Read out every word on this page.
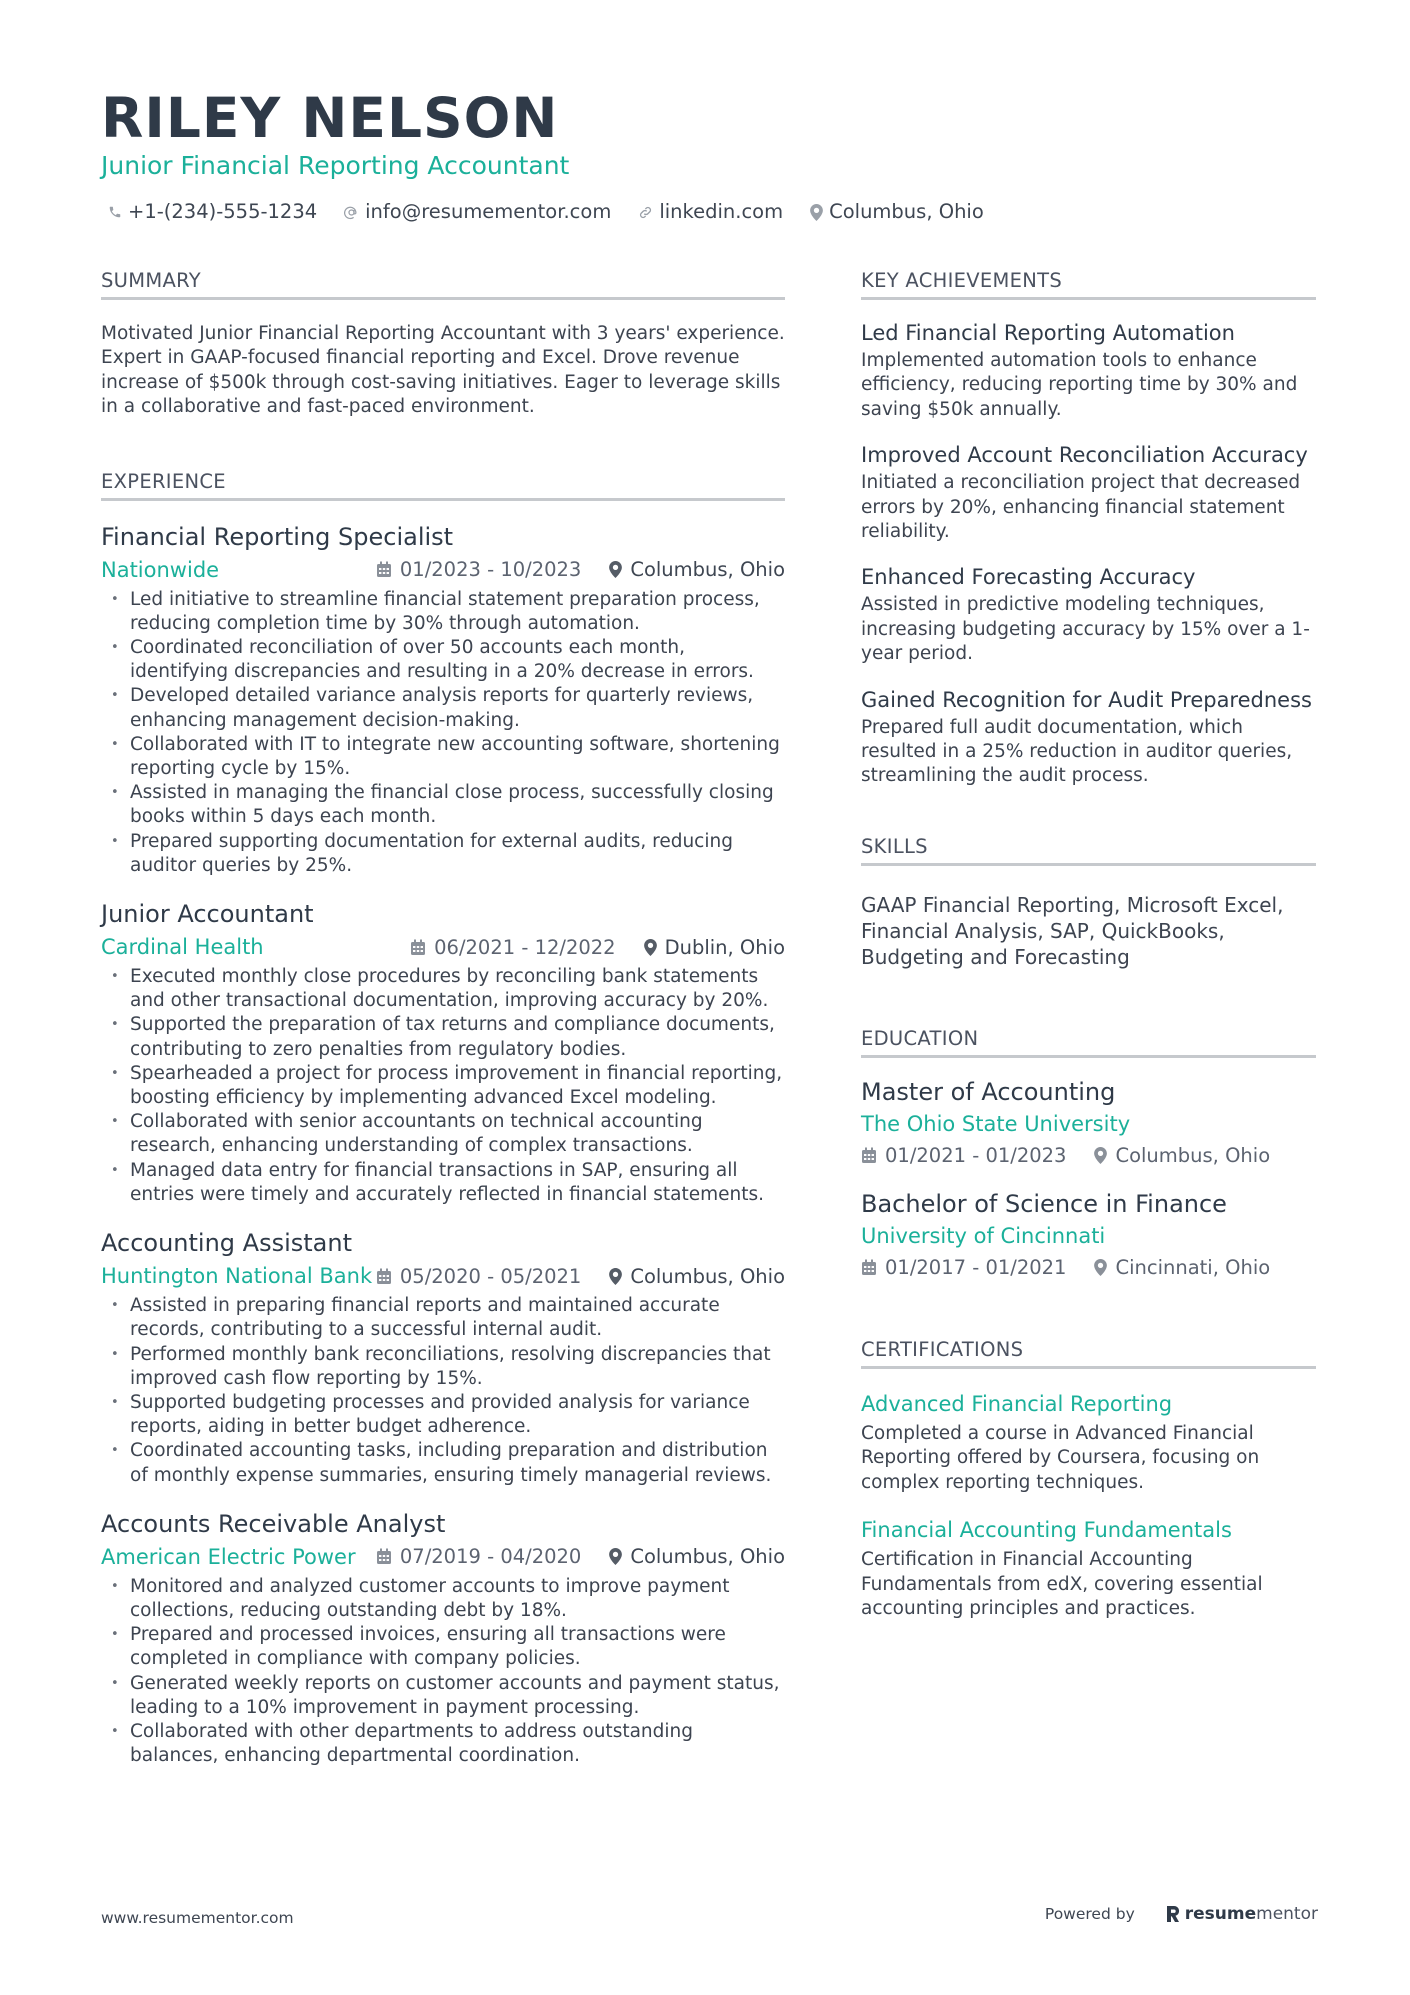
RILEY NELSON
Junior Financial Reporting Accountant
+1-(234)-555-1234 info@resumementor.com linkedin.com Columbus, Ohio
SUMMARY

Motivated Junior Financial Reporting Accountant with 3 years' experience. Expert in GAAP-focused financial reporting and Excel. Drove revenue increase of $500k through cost-saving initiatives. Eager to leverage skills in a collaborative and fast-paced environment.

EXPERIENCE
Financial Reporting Specialist
Nationwide	01/2023 - 10/2023	Columbus, Ohio
• Led initiative to streamline financial statement preparation process, reducing completion time by 30% through automation.
• Coordinated reconciliation of over 50 accounts each month, identifying discrepancies and resulting in a 20% decrease in errors.
• Developed detailed variance analysis reports for quarterly reviews, enhancing management decision-making.
• Collaborated with IT to integrate new accounting software, shortening reporting cycle by 15%.
• Assisted in managing the financial close process, successfully closing books within 5 days each month.
• Prepared supporting documentation for external audits, reducing auditor queries by 25%.
Junior Accountant
Cardinal Health	06/2021 - 12/2022	Dublin, Ohio
• Executed monthly close procedures by reconciling bank statements and other transactional documentation, improving accuracy by 20%.
• Supported the preparation of tax returns and compliance documents, contributing to zero penalties from regulatory bodies.
• Spearheaded a project for process improvement in financial reporting, boosting efficiency by implementing advanced Excel modeling.
• Collaborated with senior accountants on technical accounting research, enhancing understanding of complex transactions.
• Managed data entry for financial transactions in SAP, ensuring all entries were timely and accurately reflected in financial statements.
Accounting Assistant
Huntington National Bank 05/2020 - 05/2021	Columbus, Ohio
• Assisted in preparing financial reports and maintained accurate records, contributing to a successful internal audit.
• Performed monthly bank reconciliations, resolving discrepancies that improved cash flow reporting by 15%.
• Supported budgeting processes and provided analysis for variance reports, aiding in better budget adherence.
• Coordinated accounting tasks, including preparation and distribution of monthly expense summaries, ensuring timely managerial reviews.
Accounts Receivable Analyst
American Electric Power 07/2019 - 04/2020	Columbus, Ohio
• Monitored and analyzed customer accounts to improve payment collections, reducing outstanding debt by 18%.
• Prepared and processed invoices, ensuring all transactions were completed in compliance with company policies.
• Generated weekly reports on customer accounts and payment status, leading to a 10% improvement in payment processing.
• Collaborated with other departments to address outstanding balances, enhancing departmental coordination.
KEY ACHIEVEMENTS
Led Financial Reporting Automation
Implemented automation tools to enhance efficiency, reducing reporting time by 30% and saving $50k annually.
Improved Account Reconciliation Accuracy
Initiated a reconciliation project that decreased errors by 20%, enhancing financial statement reliability.
Enhanced Forecasting Accuracy
Assisted in predictive modeling techniques, increasing budgeting accuracy by 15% over a 1-year period.
Gained Recognition for Audit Preparedness
Prepared full audit documentation, which resulted in a 25% reduction in auditor queries, streamlining the audit process.
SKILLS
GAAP Financial Reporting, Microsoft Excel, Financial Analysis, SAP, QuickBooks, Budgeting and Forecasting
EDUCATION
Master of Accounting
The Ohio State University
01/2021 - 01/2023	Columbus, Ohio
Bachelor of Science in Finance
University of Cincinnati
01/2017 - 01/2021	Cincinnati, Ohio
CERTIFICATIONS
Advanced Financial Reporting
Completed a course in Advanced Financial Reporting offered by Coursera, focusing on complex reporting techniques.
Financial Accounting Fundamentals
Certification in Financial Accounting Fundamentals from edX, covering essential accounting principles and practices.
www.resumementor.com	Powered by	resume mentor
